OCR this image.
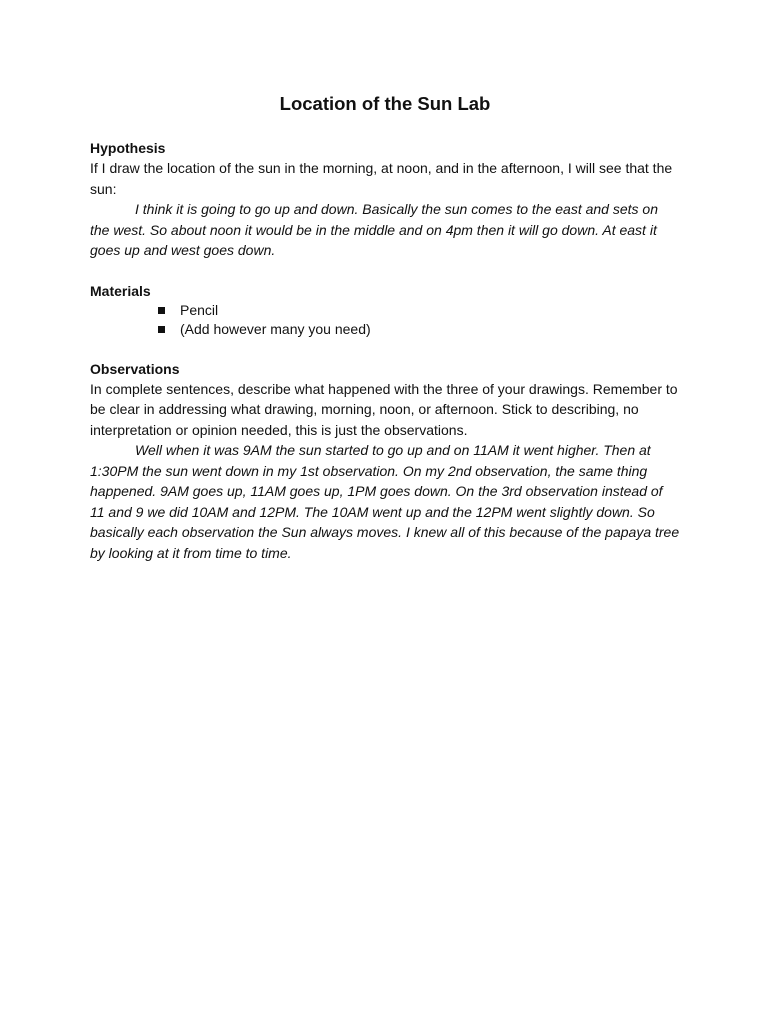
Location of the Sun Lab

Hypothesis

If I draw the location of the sun in the morning, at noon, and in the afternoon, I will see that the sun:

I think it is going to go up and down. Basically the sun comes to the east and sets on the west. So about noon it would be in the middle and on 4pm then it will go down. At east it goes up and west goes down.

Materials

Pencil
(Add however many you need)

Observations

In complete sentences, describe what happened with the three of your drawings. Remember to be clear in addressing what drawing, morning, noon, or afternoon. Stick to describing, no interpretation or opinion needed, this is just the observations.

Well when it was 9AM the sun started to go up and on 11AM it went higher. Then at 1:30PM the sun went down in my 1st observation. On my 2nd observation, the same thing happened. 9AM goes up, 11AM goes up, 1PM goes down. On the 3rd observation instead of 11 and 9 we did 10AM and 12PM. The 10AM went up and the 12PM went slightly down. So basically each observation the Sun always moves. I knew all of this because of the papaya tree by looking at it from time to time.
